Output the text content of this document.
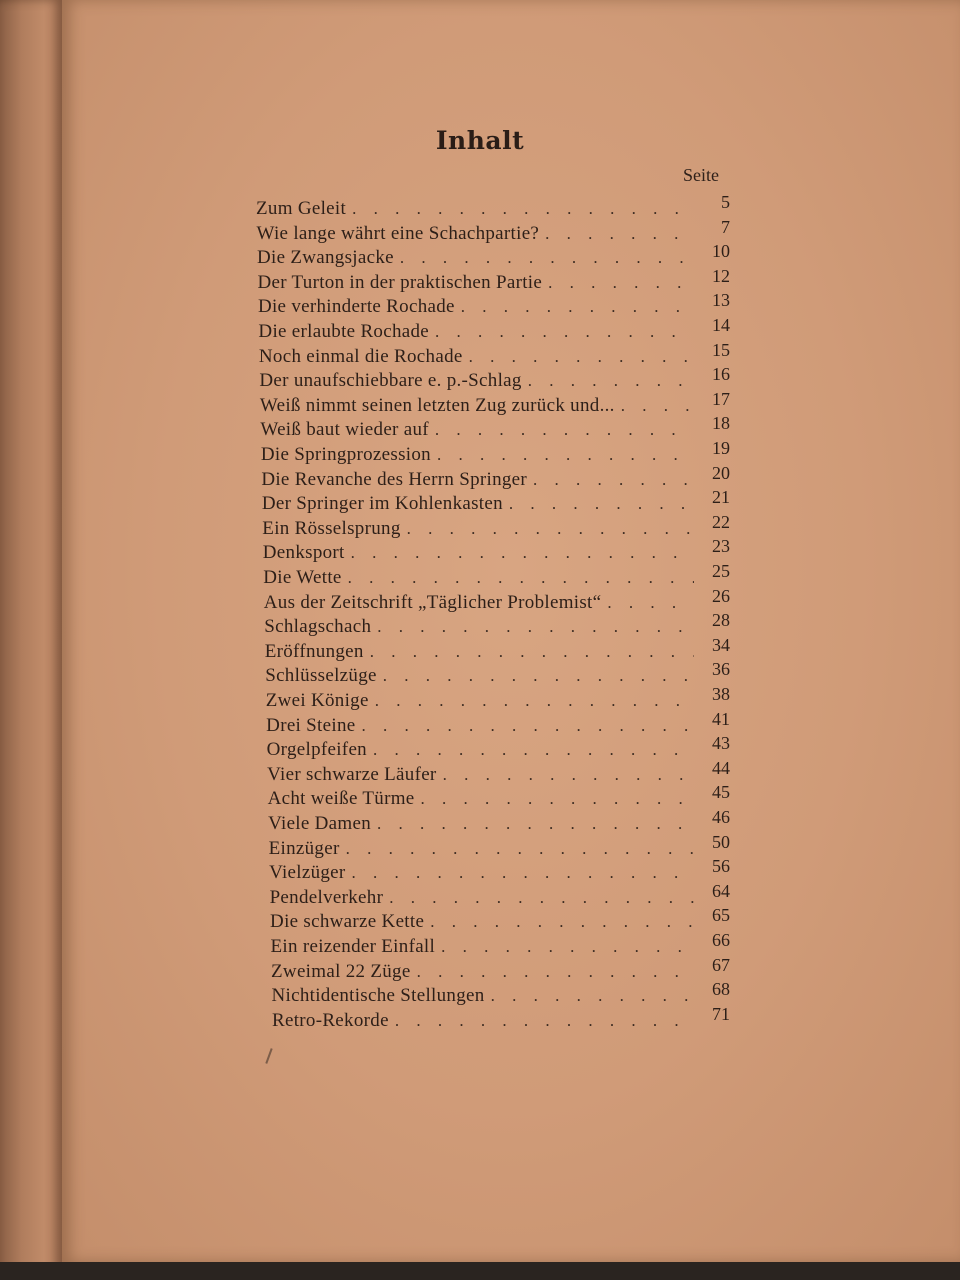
Inhalt
Seite
Zum Geleit . . .	5
Wie lange währt eine Schachpartie? . . .	7
Die Zwangsjacke . . .	10
Der Turton in der praktischen Partie . . .	12
Die verhinderte Rochade . . .	13
Die erlaubte Rochade . . .	14
Noch einmal die Rochade . . .	15
Der unaufschiebbare e. p.-Schlag . . .	16
Weiß nimmt seinen letzten Zug zurück und... . . .	17
Weiß baut wieder auf . . .	18
Die Springprozession . . .	19
Die Revanche des Herrn Springer . . .	20
Der Springer im Kohlenkasten . . .	21
Ein Rösselsprung . . .	22
Denksport . . .	23
Die Wette . . .	25
Aus der Zeitschrift „Täglicher Problemist“ . . .	26
Schlagschach . . .	28
Eröffnungen . . .	34
Schlüsselzüge . . .	36
Zwei Könige . . .	38
Drei Steine . . .	41
Orgelpfeifen . . .	43
Vier schwarze Läufer . . .	44
Acht weiße Türme . . .	45
Viele Damen . . .	46
Einzüger . . .	50
Vielzüger . . .	56
Pendelverkehr . . .	64
Die schwarze Kette . . .	65
Ein reizender Einfall . . .	66
Zweimal 22 Züge . . .	67
Nichtidentische Stellungen . . .	68
Retro-Rekorde . . .	71
